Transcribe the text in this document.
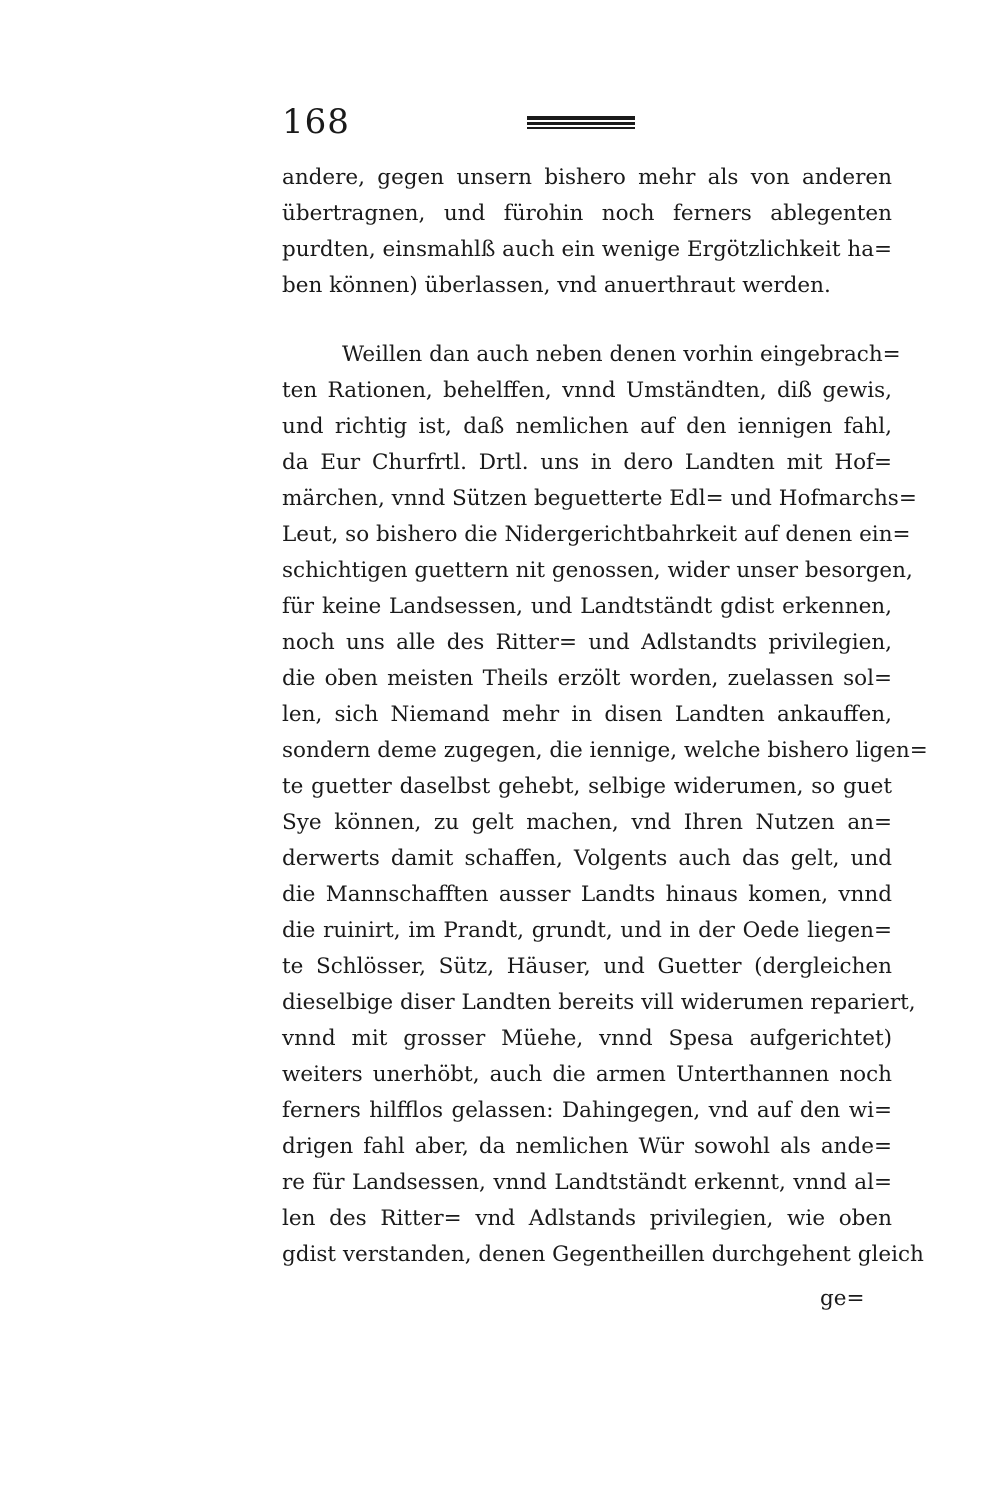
168
andere, gegen unsern bishero mehr als von anderen
übertragnen, und fürohin noch ferners ablegenten
purdten, einsmahlß auch ein wenige Ergötzlichkeit ha=
ben können) überlassen, vnd anuerthraut werden.
Weillen dan auch neben denen vorhin eingebrach=
ten Rationen, behelffen, vnnd Umständten, diß gewis,
und richtig ist, daß nemlichen auf den iennigen fahl,
da Eur Churfrtl. Drtl. uns in dero Landten mit Hof=
märchen, vnnd Sützen beguetterte Edl= und Hofmarchs=
Leut, so bishero die Nidergerichtbahrkeit auf denen ein=
schichtigen guettern nit genossen, wider unser besorgen,
für keine Landsessen, und Landtständt gdist erkennen,
noch uns alle des Ritter= und Adlstandts privilegien,
die oben meisten Theils erzölt worden, zuelassen sol=
len, sich Niemand mehr in disen Landten ankauffen,
sondern deme zugegen, die iennige, welche bishero ligen=
te guetter daselbst gehebt, selbige widerumen, so guet
Sye können, zu gelt machen, vnd Ihren Nutzen an=
derwerts damit schaffen, Volgents auch das gelt, und
die Mannschafften ausser Landts hinaus komen, vnnd
die ruinirt, im Prandt, grundt, und in der Oede liegen=
te Schlösser, Sütz, Häuser, und Guetter (dergleichen
dieselbige diser Landten bereits vill widerumen repariert,
vnnd mit grosser Müehe, vnnd Spesa aufgerichtet)
weiters unerhöbt, auch die armen Unterthannen noch
ferners hilfflos gelassen: Dahingegen, vnd auf den wi=
drigen fahl aber, da nemlichen Wür sowohl als ande=
re für Landsessen, vnnd Landtständt erkennt, vnnd al=
len des Ritter= vnd Adlstands privilegien, wie oben
gdist verstanden, denen Gegentheillen durchgehent gleich
ge=
